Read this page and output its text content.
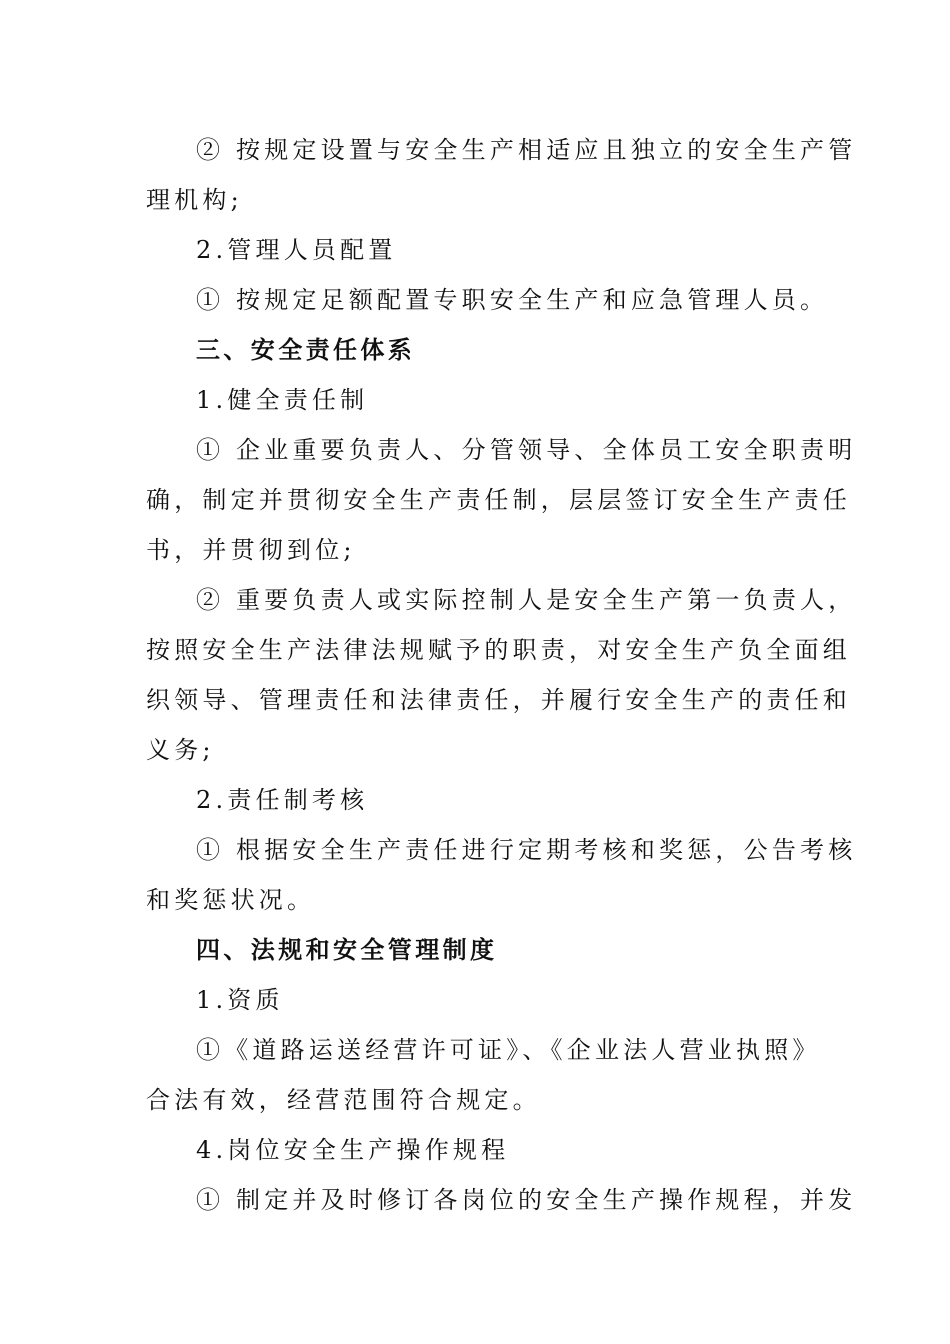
② 按规定设置与安全生产相适应且独立的安全生产管
理机构;
2.管理人员配置
① 按规定足额配置专职安全生产和应急管理人员。
三、安全责任体系
1.健全责任制
① 企业重要负责人、分管领导、全体员工安全职责明
确，制定并贯彻安全生产责任制，层层签订安全生产责任
书，并贯彻到位;
② 重要负责人或实际控制人是安全生产第一负责人，
按照安全生产法律法规赋予的职责，对安全生产负全面组
织领导、管理责任和法律责任，并履行安全生产的责任和
义务;
2.责任制考核
① 根据安全生产责任进行定期考核和奖惩，公告考核
和奖惩状况。
四、法规和安全管理制度
1.资质
①《道路运送经营许可证》、《企业法人营业执照》
合法有效，经营范围符合规定。
4.岗位安全生产操作规程
① 制定并及时修订各岗位的安全生产操作规程，并发
